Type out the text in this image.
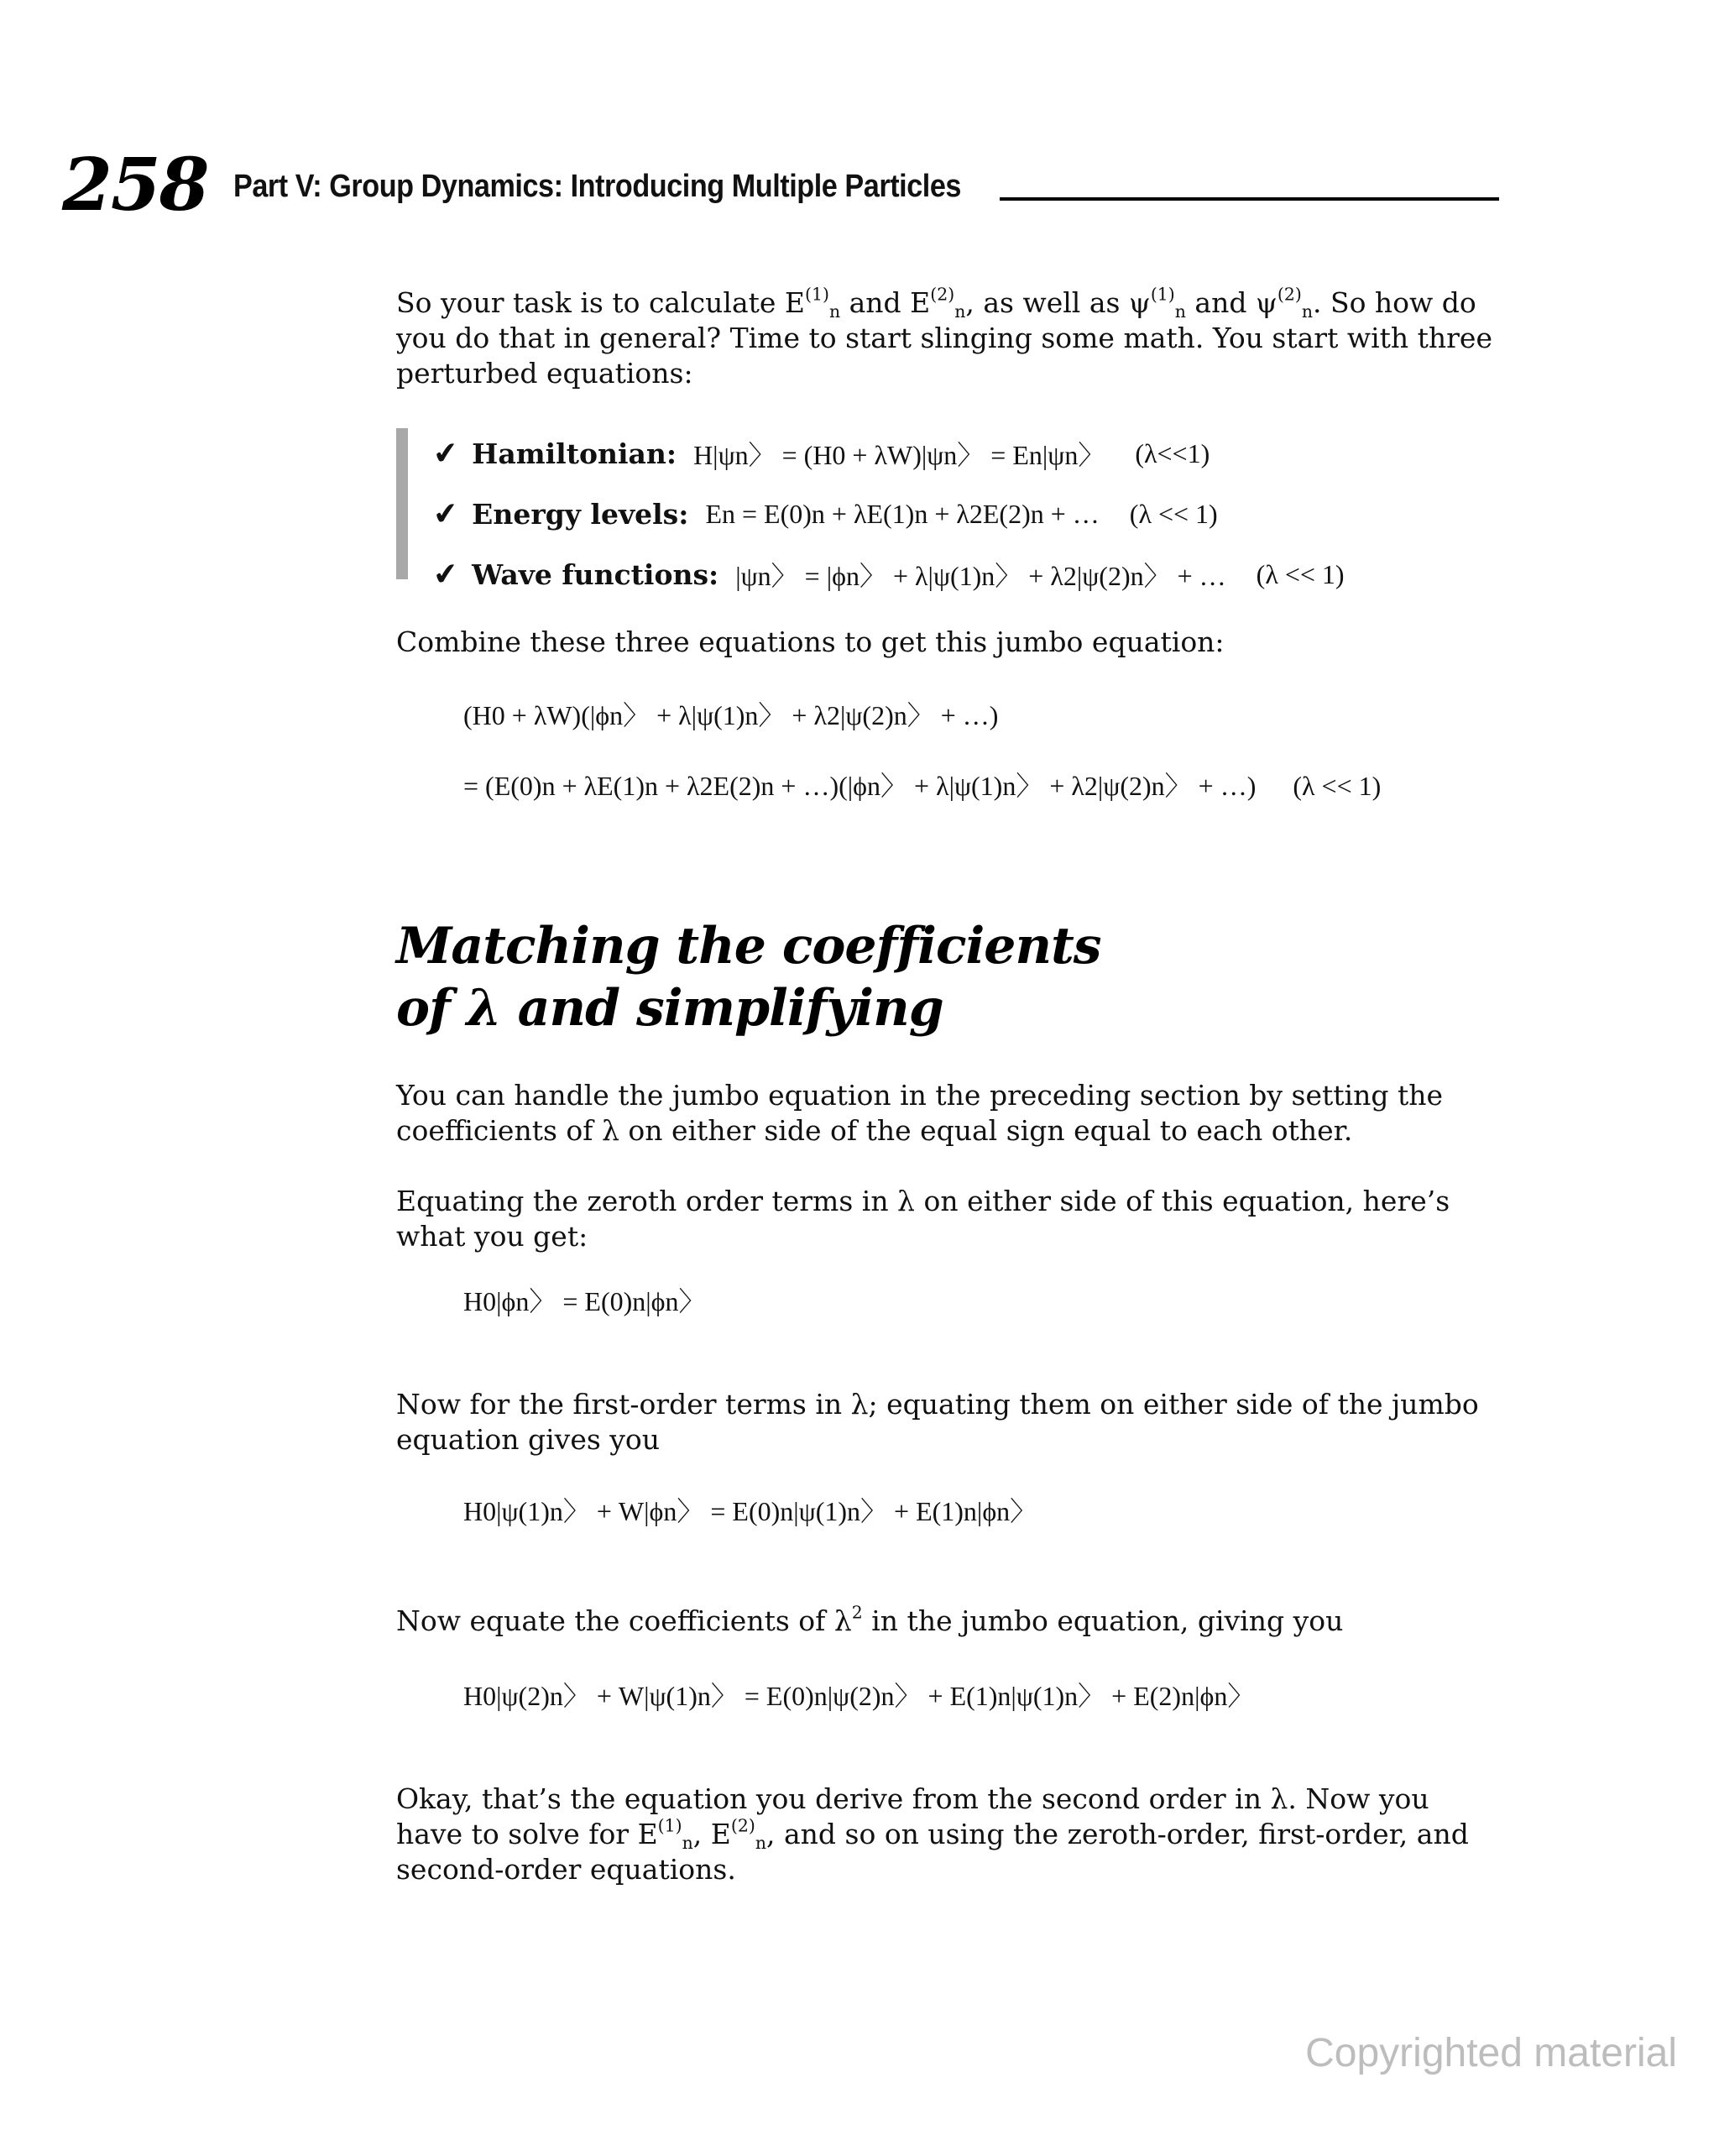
258 Part V: Group Dynamics: Introducing Multiple Particles

So your task is to calculate $E^{(1)}_n$ and $E^{(2)}_n$, as well as $\psi^{(1)}_n$ and $\psi^{(2)}_n$. So how do you do that in general? Time to start slinging some math. You start with three perturbed equations:

✔ Hamiltonian: H|ψn〉 = (H0 + λW)|ψn〉 = En|ψn〉 (λ<<1)
✔ Energy levels: En = E(0)n + λE(1)n + λ2E(2)n + … (λ << 1)
✔ Wave functions: |ψn〉 = |ϕn〉 + λ|ψ(1)n〉 + λ2|ψ(2)n〉 + … (λ << 1)

Combine these three equations to get this jumbo equation:

(H0 + λW)(|ϕn〉 + λ|ψ(1)n〉 + λ2|ψ(2)n〉 + …)
= (E(0)n + λE(1)n + λ2E(2)n + …)(|ϕn〉 + λ|ψ(1)n〉 + λ2|ψ(2)n〉 + …) (λ << 1)
Matching the coefficients
of λ and simplifying

You can handle the jumbo equation in the preceding section by setting the coefficients of λ on either side of the equal sign equal to each other.

Equating the zeroth order terms in λ on either side of this equation, here’s what you get:

H0|ϕn〉 = E(0)n|ϕn〉

Now for the first-order terms in λ; equating them on either side of the jumbo equation gives you

H0|ψ(1)n〉 + W|ϕn〉 = E(0)n|ψ(1)n〉 + E(1)n|ϕn〉

Now equate the coefficients of $\lambda^2$ in the jumbo equation, giving you

H0|ψ(2)n〉 + W|ψ(1)n〉 = E(0)n|ψ(2)n〉 + E(1)n|ψ(1)n〉 + E(2)n|ϕn〉

Okay, that’s the equation you derive from the second order in λ. Now you have to solve for $E^{(1)}_n$, $E^{(2)}_n$, and so on using the zeroth-order, first-order, and second-order equations.

Copyrighted material
